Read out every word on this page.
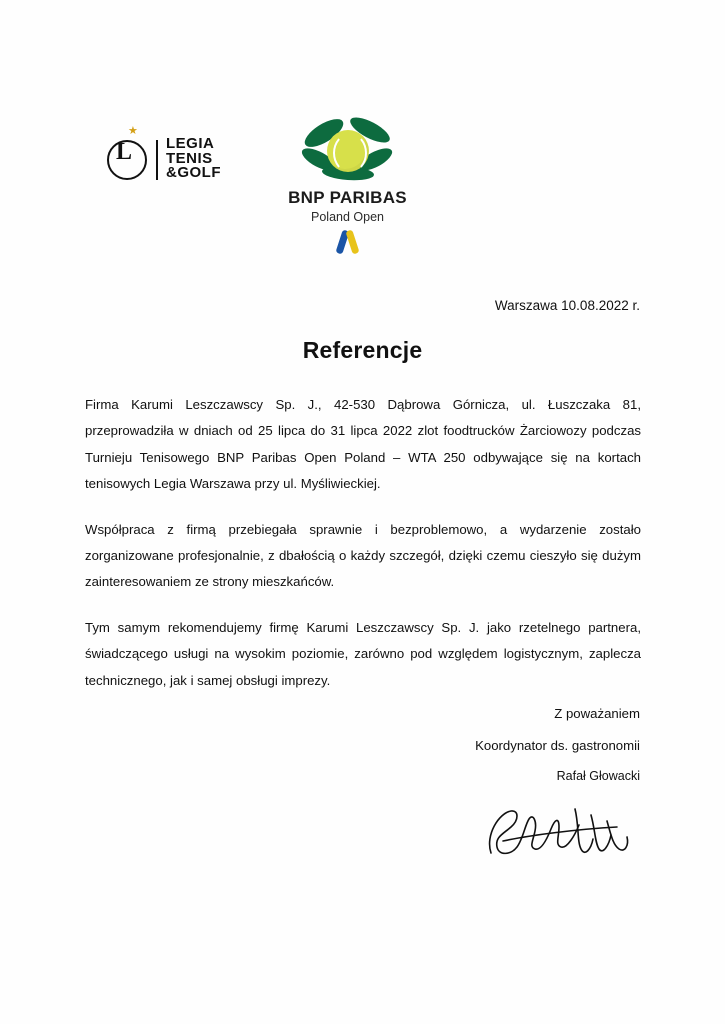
★
L	LEGIA
TENIS
&GOLF
BNP PARIBAS
Poland Open
Warszawa 10.08.2022 r.
Referencje

Firma Karumi Leszczawscy Sp. J., 42-530 Dąbrowa Górnicza, ul. Łuszczaka 81, przeprowadziła w dniach od 25 lipca do 31 lipca 2022 zlot foodtrucków Żarciowozy podczas Turnieju Tenisowego BNP Paribas Open Poland – WTA 250 odbywające się na kortach tenisowych Legia Warszawa przy ul. Myśliwieckiej.

Współpraca z firmą przebiegała sprawnie i bezproblemowo, a wydarzenie zostało zorganizowane profesjonalnie, z dbałością o każdy szczegół, dzięki czemu cieszyło się dużym zainteresowaniem ze strony mieszkańców.

Tym samym rekomendujemy firmę Karumi Leszczawscy Sp. J. jako rzetelnego partnera, świadczącego usługi na wysokim poziomie, zarówno pod względem logistycznym, zaplecza technicznego, jak i samej obsługi imprezy.

Z poważaniem
Koordynator ds. gastronomii
Rafał Głowacki
